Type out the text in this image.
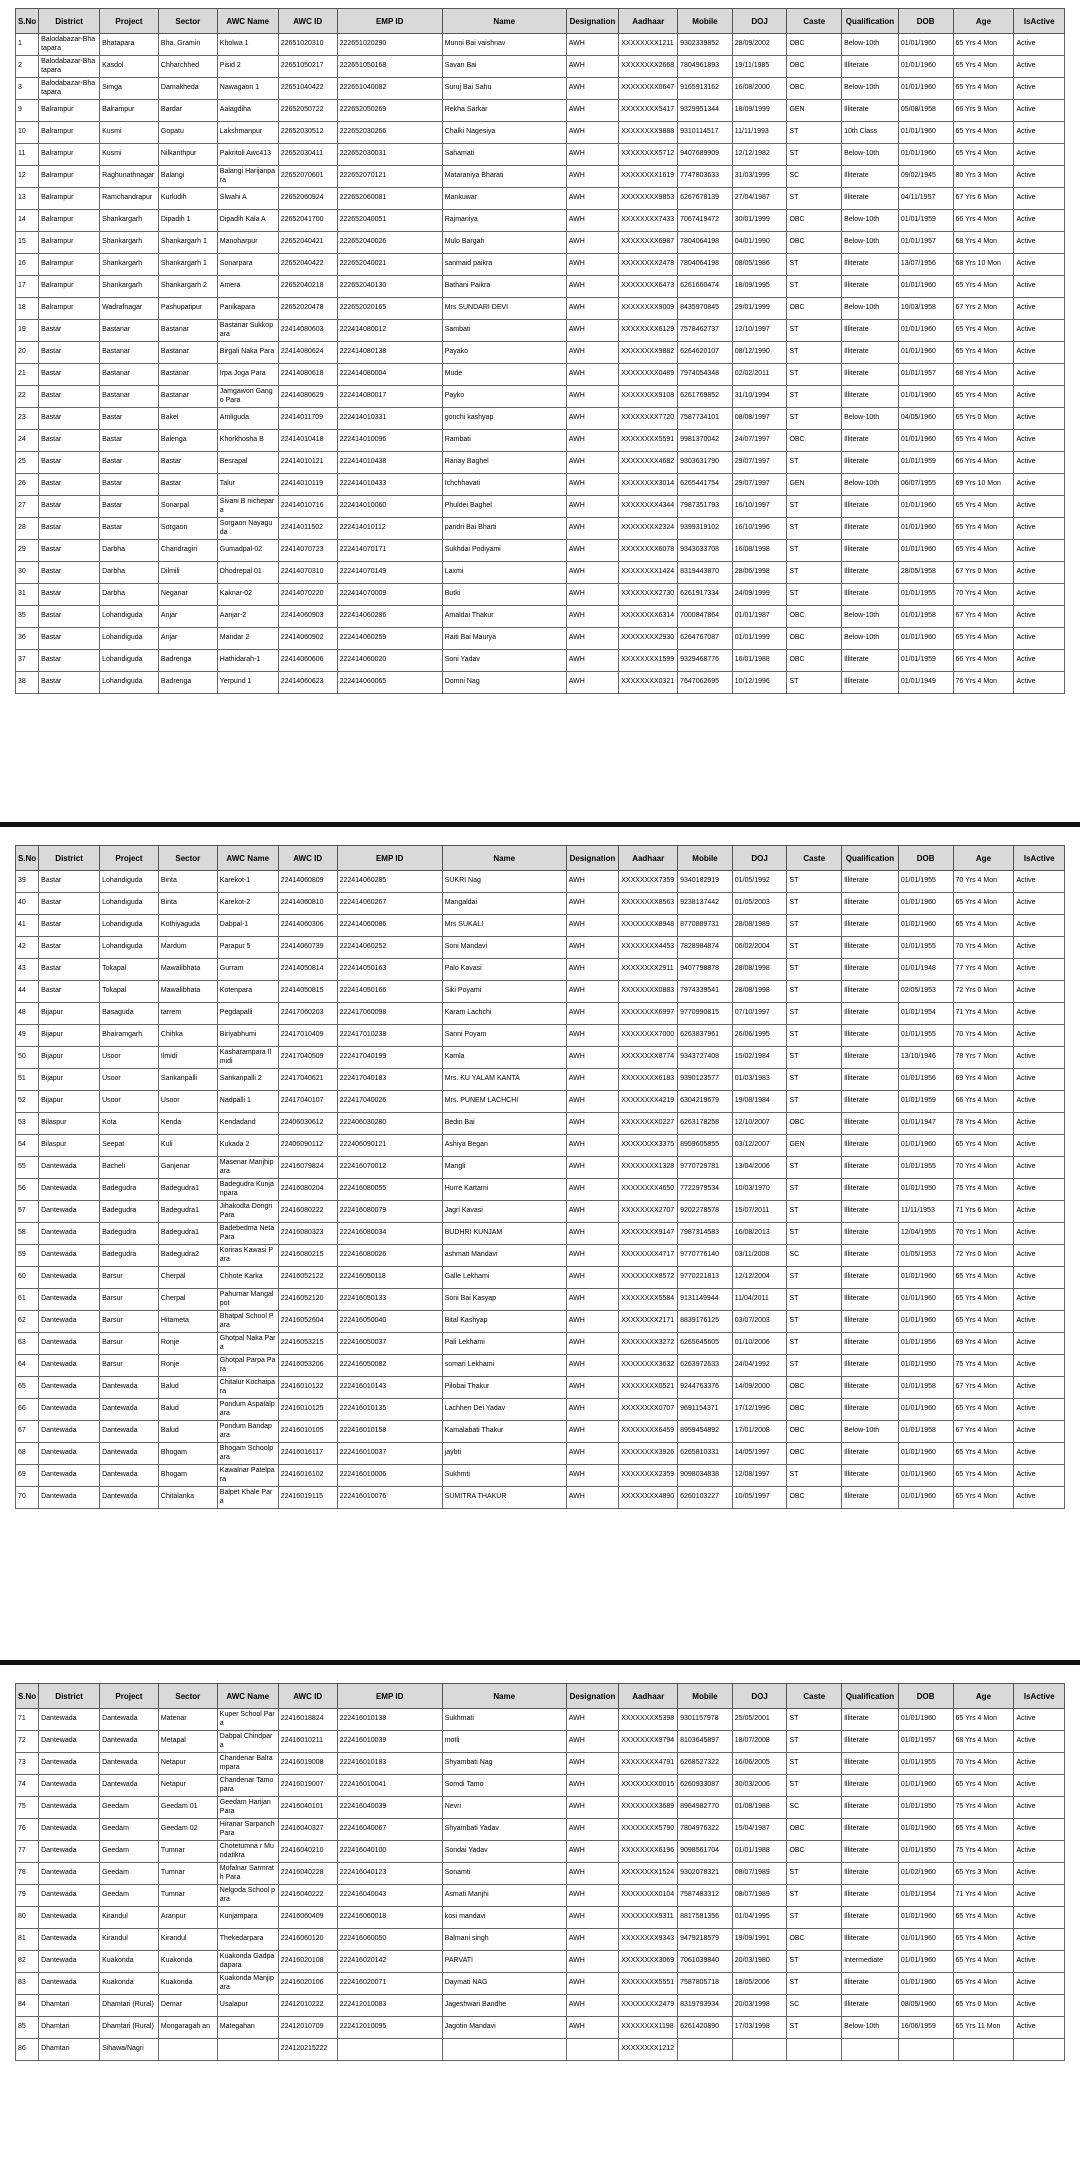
S.No	District	Project	Sector	AWC Name	AWC ID	EMP ID	Name	Designation	Aadhaar	Mobile	DOJ	Caste	Qualification	DOB	Age	IsActive
1	Balodabazar-Bhatapara	Bhatapara	Bha. Gramin	Kholwa 1	22651020310	222651020290	Munni Bai vaishnav	AWH	XXXXXXXX1211	9302339852	28/09/2002	OBC	Below-10th	01/01/1960	65 Yrs 4 Mon	Active
2	Balodabazar-Bhatapara	Kasdol	Chharchhed	Pisid 2	22651050217	222651050168	Savan Bai	AWH	XXXXXXXX2668	7804961893	19/11/1985	OBC	Illiterate	01/01/1960	65 Yrs 4 Mon	Active
3	Balodabazar-Bhatapara	Simga	Damakheda	Nawagaon 1	22651040422	222651040082	Suruj Bai Sahu	AWH	XXXXXXXX0647	9165913162	16/08/2000	OBC	Below-10th	01/01/1960	65 Yrs 4 Mon	Active
9	Balrampur	Balrampur	Bardar	Aalagdiha	22652050722	222652050269	Rekha Sarkar	AWH	XXXXXXXX5417	9329951344	18/09/1999	GEN	Illiterate	05/08/1958	66 Yrs 9 Mon	Active
10	Balrampur	Kusmi	Gopatu	Lakshmanpur	22652030512	222652030266	Chalki Nagesiya	AWH	XXXXXXXX9888	9310114517	11/11/1993	ST	10th Class	01/01/1960	65 Yrs 4 Mon	Active
11	Balrampur	Kusmi	Nilkanthpur	Pakritoli Awc413	22652030411	222652030031	Sahamati	AWH	XXXXXXXX5712	9407689909	12/12/1982	ST	Below-10th	01/01/1960	65 Yrs 4 Mon	Active
12	Balrampur	Raghunathnagar	Balangi	Balangi Harijanpara	22652070601	222652070121	Mataraniya Bharati	AWH	XXXXXXXX1619	7747803633	31/03/1999	SC	Illiterate	09/02/1945	80 Yrs 3 Mon	Active
13	Balrampur	Ramchandrapur	Kurludih	Slwahi A	22652060924	222652060081	Mankuwar	AWH	XXXXXXXX9853	6267678139	27/04/1987	ST	Illiterate	04/11/1957	67 Yrs 6 Mon	Active
14	Balrampur	Shankargarh	Dipadih 1	Dipadih Kala A	22652041700	222652040051	Rajmaniya	AWH	XXXXXXXX7433	7067419472	30/01/1999	OBC	Below-10th	01/01/1959	66 Yrs 4 Mon	Active
15	Balrampur	Shankargarh	Shankargarh 1	Manoharpur	22652040421	222652040026	Mulo Bargah	AWH	XXXXXXXX6987	7804064198	04/01/1990	OBC	Below-10th	01/01/1957	68 Yrs 4 Mon	Active
16	Balrampur	Shankargarh	Shankargarh 1	Sonarpara	22652040422	222652040021	sanmaid paikra	AWH	XXXXXXXX2478	7804064198	08/05/1986	ST	Illiterate	13/07/1956	68 Yrs 10 Mon	Active
17	Balrampur	Shankargarh	Shankargarh 2	Amera	22652040218	222652040130	Bathani Paikra	AWH	XXXXXXXX6473	6261660474	18/09/1995	ST	Illiterate	01/01/1960	65 Yrs 4 Mon	Active
18	Balrampur	Wadrafnagar	Pashupatipur	Panikapara	22652020478	222652020165	Mrs SUNDARI DEVI	AWH	XXXXXXXX9009	8435970845	29/01/1999	OBC	Below-10th	10/03/1958	67 Yrs 2 Mon	Active
19	Bastar	Bastanar	Bastanar	Bastanar Sukkopara	22414080603	222414080012	Sambati	AWH	XXXXXXXX6129	7578462737	12/10/1997	ST	Illiterate	01/01/1960	65 Yrs 4 Mon	Active
20	Bastar	Bastanar	Bastanar	Birgali Naka Para	22414080624	222414080138	Payako	AWH	XXXXXXXX9882	6264620107	08/12/1990	ST	Illiterate	01/01/1960	65 Yrs 4 Mon	Active
21	Bastar	Bastanar	Bastanar	Irpa Joga Para	22414080618	222414080004	Mude	AWH	XXXXXXXX0489	7974054348	02/02/2011	ST	Illiterate	01/01/1957	68 Yrs 4 Mon	Active
22	Bastar	Bastanar	Bastanar	Jamgawon Gango Para	22414080629	222414080017	Payko	AWH	XXXXXXXX9108	6261769852	31/10/1994	ST	Illiterate	01/01/1960	65 Yrs 4 Mon	Active
23	Bastar	Bastar	Bakel	Amliguda	22414011709	222414010331	gonchi kashyap	AWH	XXXXXXXX7720	7587734101	08/08/1997	ST	Below-10th	04/05/1960	65 Yrs 0 Mon	Active
24	Bastar	Bastar	Balenga	Khorkhosha B	22414010418	222414010096	Rambati	AWH	XXXXXXXX5591	9981370042	24/07/1997	OBC	Illiterate	01/01/1960	65 Yrs 4 Mon	Active
25	Bastar	Bastar	Bastar	Besrapal	22414010121	222414010438	Ranay Baghel	AWH	XXXXXXXX4682	9303631790	29/07/1997	ST	Illiterate	01/01/1959	66 Yrs 4 Mon	Active
26	Bastar	Bastar	Bastar	Talur	22414010119	222414010433	Ichchhavati	AWH	XXXXXXXX3014	6265441754	29/07/1997	GEN	Below-10th	06/07/1955	69 Yrs 10 Mon	Active
27	Bastar	Bastar	Sonarpal	Sivani B nichepara	22414010716	222414010060	Phuldei Baghel	AWH	XXXXXXXX4344	7987351793	16/10/1997	ST	Illiterate	01/01/1960	65 Yrs 4 Mon	Active
28	Bastar	Bastar	Sorgaon	Sorgaon Nayaguda	22414011502	222414010112	pandri Bai Bharti	AWH	XXXXXXXX2324	9399319102	16/10/1996	ST	Illiterate	01/01/1960	65 Yrs 4 Mon	Active
29	Bastar	Darbha	Chandragiri	Gumadpal-02	22414070723	222414070171	Sukhdai Podiyami	AWH	XXXXXXXX6078	9343033708	16/08/1998	ST	Illiterate	01/01/1960	65 Yrs 4 Mon	Active
30	Bastar	Darbha	Dilmili	Dhodrepal 01	22414070310	222414070149	Laxmi	AWH	XXXXXXXX1424	8319443870	28/06/1998	ST	Illiterate	28/05/1958	67 Yrs 0 Mon	Active
31	Bastar	Darbha	Neganar	Kaknar-02	22414070220	222414070009	Butki	AWH	XXXXXXXX2730	6261917334	24/09/1999	ST	Illiterate	01/01/1955	70 Yrs 4 Mon	Active
35	Bastar	Lohandiguda	Anjar	Aanjar-2	22414060903	222414060286	Amaldai Thakur	AWH	XXXXXXXX6314	7000847864	01/01/1987	OBC	Below-10th	01/01/1958	67 Yrs 4 Mon	Active
36	Bastar	Lohandiguda	Anjar	Mandar 2	22414060902	222414060259	Raiti Bai Maurya	AWH	XXXXXXXX2930	6264767087	01/01/1999	OBC	Below-10th	01/01/1960	65 Yrs 4 Mon	Active
37	Bastar	Lohandiguda	Badrenga	Hathidarah-1	22414060606	222414060020	Soni Yadav	AWH	XXXXXXXX1599	9329468776	16/01/1988	OBC	Illiterate	01/01/1959	66 Yrs 4 Mon	Active
38	Bastar	Lohandiguda	Badrenga	Yerpund 1	22414060623	222414060065	Domni Nag	AWH	XXXXXXXX0321	7647062695	10/12/1996	ST	Illiterate	01/01/1949	76 Yrs 4 Mon	Active
S.No	District	Project	Sector	AWC Name	AWC ID	EMP ID	Name	Designation	Aadhaar	Mobile	DOJ	Caste	Qualification	DOB	Age	IsActive
39	Bastar	Lohandiguda	Binta	Karekot-1	22414060809	222414060285	SUKRI Nag	AWH	XXXXXXXX7359	9340182919	01/05/1992	ST	Illiterate	01/01/1955	70 Yrs 4 Mon	Active
40	Bastar	Lohandiguda	Binta	Karekot-2	22414060810	222414060267	Mangaldai	AWH	XXXXXXXX8563	9238137442	01/05/2003	ST	Illiterate	01/01/1960	65 Yrs 4 Mon	Active
41	Bastar	Lohandiguda	Kothiyaguda	Dabpal-1	22414060306	222414060086	Mrs SUKALI	AWH	XXXXXXXX8948	8770889731	28/08/1989	ST	Illiterate	01/01/1960	65 Yrs 4 Mon	Active
42	Bastar	Lohandiguda	Mardum	Parapur 5	22414060739	222414060252	Soni Mandavi	AWH	XXXXXXXX4453	7828984874	06/02/2004	ST	Illiterate	01/01/1955	70 Yrs 4 Mon	Active
43	Bastar	Tokapal	Mawalibhata	Gurram	22414050814	222414050163	Palo Kavasi	AWH	XXXXXXXX2911	9407798878	28/08/1998	ST	Illiterate	01/01/1948	77 Yrs 4 Mon	Active
44	Bastar	Tokapal	Mawalibhata	Kotenpara	22414050815	222414050166	Siki Poyami	AWH	XXXXXXXX0883	7974339541	28/08/1998	ST	Illiterate	02/05/1953	72 Yrs 0 Mon	Active
48	Bijapur	Basaguda	tarrem	Pegdapalli	22417060203	222417060098	Karam Lachchi	AWH	XXXXXXXX6997	9770990815	07/10/1997	ST	Illiterate	01/01/1954	71 Yrs 4 Mon	Active
49	Bijapur	Bhairamgarh	Chihka	Biriyabhumi	22417010409	222417010238	Sanni Poyam	AWH	XXXXXXXX7000	6263837961	26/06/1995	ST	Illiterate	01/01/1955	70 Yrs 4 Mon	Active
50	Bijapur	Usoor	Ilmidi	Kasharampara Ilmidi	22417040509	222417040199	Kamla	AWH	XXXXXXXX8774	9343727408	15/02/1984	ST	Illiterate	13/10/1946	78 Yrs 7 Mon	Active
51	Bijapur	Usoor	Sankanpalli	Sankanpalli 2	22417040621	222417040183	Mrs. KU YALAM KANTA	AWH	XXXXXXXX6183	9390123577	01/03/1983	ST	Illiterate	01/01/1956	69 Yrs 4 Mon	Active
52	Bijapur	Usoor	Usoor	Nadpalli 1	22417040107	222417040026	Mrs. PUNEM LACHCHI	AWH	XXXXXXXX4219	6304219679	19/08/1984	ST	Illiterate	01/01/1959	66 Yrs 4 Mon	Active
53	Bilaspur	Kota	Kenda	Kendadand	22406030612	222406030280	Bedin Bai	AWH	XXXXXXXX0227	6263178258	12/10/2007	OBC	Illiterate	01/01/1947	78 Yrs 4 Mon	Active
54	Bilaspur	Seepat	Kuli	Kukada 2	22406090112	222406090121	Ashiya Began	AWH	XXXXXXXX3375	8959605855	03/12/2007	GEN	Illiterate	01/01/1960	65 Yrs 4 Mon	Active
55	Dantewada	Bacheli	Ganjenar	Masenar Manjhipara	22416079824	222416070012	Mangli	AWH	XXXXXXXX1328	9770729781	13/04/2006	ST	Illiterate	01/01/1955	70 Yrs 4 Mon	Active
56	Dantewada	Badegudra	Badegudra1	Badegudra Kunjanpara	22416080204	222416080055	Hurre Kartami	AWH	XXXXXXXX4650	7722979534	10/03/1970	ST	Illiterate	01/01/1950	75 Yrs 4 Mon	Active
57	Dantewada	Badegudra	Badegudra1	Jihakodta Dongri Para	22416080222	222416080079	Jagri Kavasi	AWH	XXXXXXXX2707	9202278578	15/07/2011	ST	Illiterate	11/11/1953	71 Yrs 6 Mon	Active
58	Dantewada	Badegudra	Badegudra1	Badebedma Neta Para	22416080323	222416080034	BUDHRI KUNJAM	AWH	XXXXXXXX9147	7987314583	16/08/2013	ST	Illiterate	12/04/1955	70 Yrs 1 Mon	Active
59	Dantewada	Badegudra	Badegudra2	Koriras Kawasi Para	22416080215	222416080026	ashmati Mandavi	AWH	XXXXXXXX4717	9770776140	03/11/2008	SC	Illiterate	01/05/1953	72 Yrs 0 Mon	Active
60	Dantewada	Barsur	Cherpal	Chhote Karka	22416052122	222416050118	Galle Lekhami	AWH	XXXXXXXX8572	9770221813	12/12/2004	ST	Illiterate	01/01/1960	65 Yrs 4 Mon	Active
61	Dantewada	Barsur	Cherpal	Pahurnar Mangalpot	22416052120	222416050133	Soni Bai Kasyap	AWH	XXXXXXXX5584	9131149944	11/04/2011	ST	Illiterate	01/01/1960	65 Yrs 4 Mon	Active
62	Dantewada	Barsur	Hitameta	Bhatpal School Para	22416052604	222416050040	Bital Kashyap	AWH	XXXXXXXX2171	8839176125	03/07/2003	ST	Illiterate	01/01/1960	65 Yrs 4 Mon	Active
63	Dantewada	Barsur	Ronje	Ghotpal Naka Para	22416053215	222416050037	Pali Lekhami	AWH	XXXXXXXX3272	6265645605	01/10/2006	ST	Illiterate	01/01/1956	69 Yrs 4 Mon	Active
64	Dantewada	Barsur	Ronje	Ghotpal Parpa Para	22416053206	222416050082	somari Lekhami	AWH	XXXXXXXX3632	6263972633	24/04/1992	ST	Illiterate	01/01/1950	75 Yrs 4 Mon	Active
65	Dantewada	Dantewada	Balud	Chitalur Kochaipara	22416010122	222416010143	Pilobai Thakur	AWH	XXXXXXXX0521	9244763376	14/09/2000	OBC	Illiterate	01/01/1958	67 Yrs 4 Mon	Active
66	Dantewada	Dantewada	Balud	Pondum Aspatalpara	22416010125	222416010135	Lachhen Dei Yadav	AWH	XXXXXXXX0707	9691154371	17/12/1996	OBC	Illiterate	01/01/1960	65 Yrs 4 Mon	Active
67	Dantewada	Dantewada	Balud	Pondum Bandapara	22416010105	222416010158	Kamalabati Thakur	AWH	XXXXXXXX6459	8959454892	17/01/2008	OBC	Below-10th	01/01/1958	67 Yrs 4 Mon	Active
68	Dantewada	Dantewada	Bhogam	Bhogam Schoolpara	22416016117	222416010037	jaybti	AWH	XXXXXXXX3926	6265810331	14/05/1997	OBC	Illiterate	01/01/1960	65 Yrs 4 Mon	Active
69	Dantewada	Dantewada	Bhogam	Kawalnar Patelpara	22416016102	222416010006	Sukhmti	AWH	XXXXXXXX2359	9098034838	12/08/1997	ST	Illiterate	01/01/1960	65 Yrs 4 Mon	Active
70	Dantewada	Dantewada	Chitalanka	Balpet Khale Para	22416019115	222416010076	SUMITRA THAKUR	AWH	XXXXXXXX4890	6260103227	10/05/1997	OBC	Illiterate	01/01/1960	65 Yrs 4 Mon	Active
S.No	District	Project	Sector	AWC Name	AWC ID	EMP ID	Name	Designation	Aadhaar	Mobile	DOJ	Caste	Qualification	DOB	Age	IsActive
71	Dantewada	Dantewada	Matenar	Kuper School Para	22416018824	222416010138	Sukhmati	AWH	XXXXXXXX5398	9301157978	25/05/2001	ST	Illiterate	01/01/1960	65 Yrs 4 Mon	Active
72	Dantewada	Dantewada	Metapal	Dabpal Chindpara	22416010211	222416010039	motli	AWH	XXXXXXXX9794	8103645897	18/07/2008	ST	Illiterate	01/01/1957	68 Yrs 4 Mon	Active
73	Dantewada	Dantewada	Netapur	Chandenar Balrampara	22416019008	222416010183	Shyambati Nag	AWH	XXXXXXXX4791	6268527322	16/06/2005	ST	Illiterate	01/01/1955	70 Yrs 4 Mon	Active
74	Dantewada	Dantewada	Netapur	Chandenar Tamopara	22416019007	222416010041	Somdi Tamo	AWH	XXXXXXXX0015	6260933087	30/03/2006	ST	Illiterate	01/01/1960	65 Yrs 4 Mon	Active
75	Dantewada	Geedam	Geedam 01	Geedam Harijan Para	22416040101	222416040039	Nevri	AWH	XXXXXXXX3689	8964982770	01/08/1988	SC	Illiterate	01/01/1950	75 Yrs 4 Mon	Active
76	Dantewada	Geedam	Geedam 02	Hiranar Sarpanch Para	22416040327	222416040067	Shyambati Yadav	AWH	XXXXXXXX5790	7804976322	15/04/1987	OBC	Illiterate	01/01/1960	65 Yrs 4 Mon	Active
77	Dantewada	Geedam	Tumnar	Chotetumna r Mundatikra	22416040210	222416040100	Sondai Yadav	AWH	XXXXXXXX6196	9098561704	01/01/1988	OBC	Illiterate	01/01/1950	75 Yrs 4 Mon	Active
78	Dantewada	Geedam	Tumnar	Mofalnar Sarmrath Para	22416040228	222416040123	Sonamti	AWH	XXXXXXXX1524	9302078321	08/07/1989	ST	Illiterate	01/02/1960	65 Yrs 3 Mon	Active
79	Dantewada	Geedam	Tumnar	Nelgoda School para	22416040222	222416040043	Asmati Manjhi	AWH	XXXXXXXX0104	7587483312	08/07/1989	ST	Illiterate	01/01/1954	71 Yrs 4 Mon	Active
80	Dantewada	Kirandul	Aranpur	Kunjampara	22416060409	222416060018	kosi mandavi	AWH	XXXXXXXX9311	8817581356	01/04/1995	ST	Illiterate	01/01/1960	65 Yrs 4 Mon	Active
81	Dantewada	Kirandul	Kirandul	Thekedarpara	22416060120	222416060050	Balmani singh	AWH	XXXXXXXX9343	9479218579	19/09/1991	OBC	Illiterate	01/01/1960	65 Yrs 4 Mon	Active
82	Dantewada	Kuakonda	Kuakonda	Kuakonda Gadpadapara	22416020108	222416020142	PARVATI	AWH	XXXXXXXX3069	7061039840	20/03/1980	ST	Intermediate	01/01/1960	65 Yrs 4 Mon	Active
83	Dantewada	Kuakonda	Kuakonda	Kuakonda Manjipara	22416020106	222416020071	Daymati NAG	AWH	XXXXXXXX5551	7587805718	18/05/2006	ST	Illiterate	01/01/1960	65 Yrs 4 Mon	Active
84	Dhamtari	Dhamtari (Rural)	Demar	Usalapur	22412010222	222412010083	Jageshwari Bandhe	AWH	XXXXXXXX2479	8319793934	20/03/1998	SC	Illiterate	08/05/1960	65 Yrs 0 Mon	Active
85	Dhamtari	Dhamtari (Rural)	Mongaragah an	Mategahan	22412010709	222412010095	Jagotin Mandavi	AWH	XXXXXXXX1198	6261420890	17/03/1998	ST	Below-10th	16/06/1959	65 Yrs 11 Mon	Active
86	Dhamtari	Sihawa/Nagri			224120215222				XXXXXXXX1212							
